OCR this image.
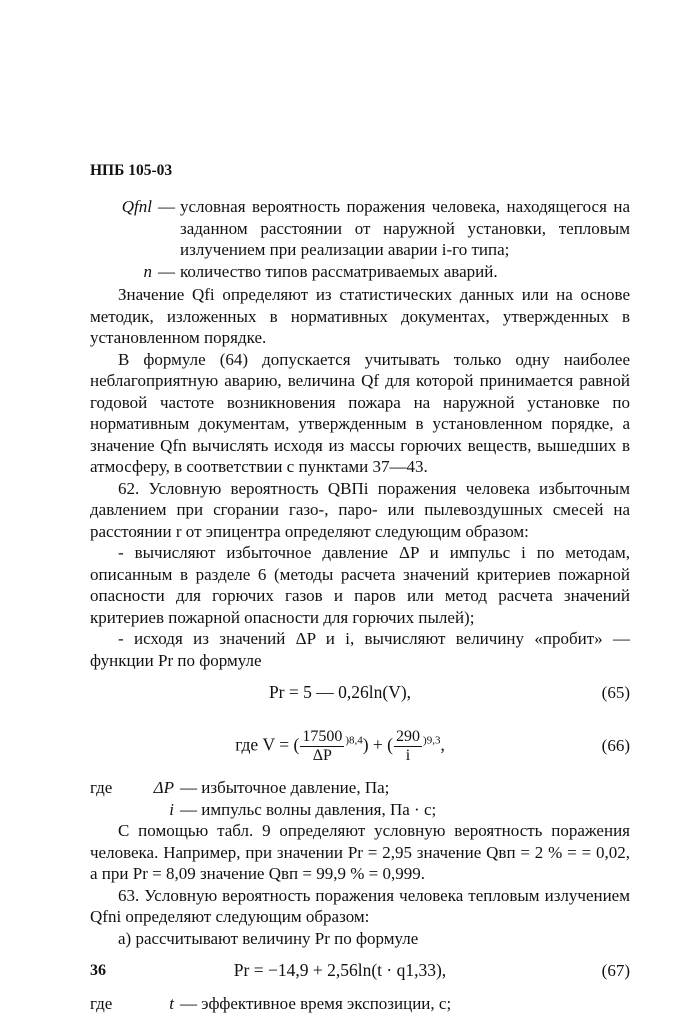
НПБ 105-03
Qfnl — условная вероятность поражения человека, находящегося на заданном расстоянии от наружной установки, тепловым излучением при реализации аварии i-го типа;
n — количество типов рассматриваемых аварий.

Значение Qfi определяют из статистических данных или на основе методик, изложенных в нормативных документах, утвержденных в установленном порядке.

В формуле (64) допускается учитывать только одну наиболее неблагоприятную аварию, величина Qf для которой принимается равной годовой частоте возникновения пожара на наружной установке по нормативным документам, утвержденным в установленном порядке, а значение Qfn вычислять исходя из массы горючих веществ, вышедших в атмосферу, в соответствии с пунктами 37—43.

62. Условную вероятность QВПi поражения человека избыточным давлением при сгорании газо-, паро- или пылевоздушных смесей на расстоянии r от эпицентра определяют следующим образом:

- вычисляют избыточное давление ΔP и импульс i по методам, описанным в разделе 6 (методы расчета значений критериев пожарной опасности для горючих газов и паров или метод расчета значений критериев пожарной опасности для горючих пылей);

- исходя из значений ΔP и i, вычисляют величину «пробит» — функции Pr по формуле

Pr = 5 — 0,26ln(V),	(65)
где V = ( $\frac{17500}{\Delta P} ^{)8,4}$) + ( $\frac{290}{i} ^{)9,3}$,	(66)
где	ΔP — избыточное давление, Па;
i — импульс волны давления, Па · с;

С помощью табл. 9 определяют условную вероятность поражения человека. Например, при значении Pr = 2,95 значение Qвп = 2 % = = 0,02, а при Pr = 8,09 значение Qвп = 99,9 % = 0,999.

63. Условную вероятность поражения человека тепловым излучением Qfni определяют следующим образом:

а) рассчитывают величину Pr по формуле

Pr = −14,9 + 2,56ln(t · q1,33),	(67)
где	t — эффективное время экспозиции, с;
36
